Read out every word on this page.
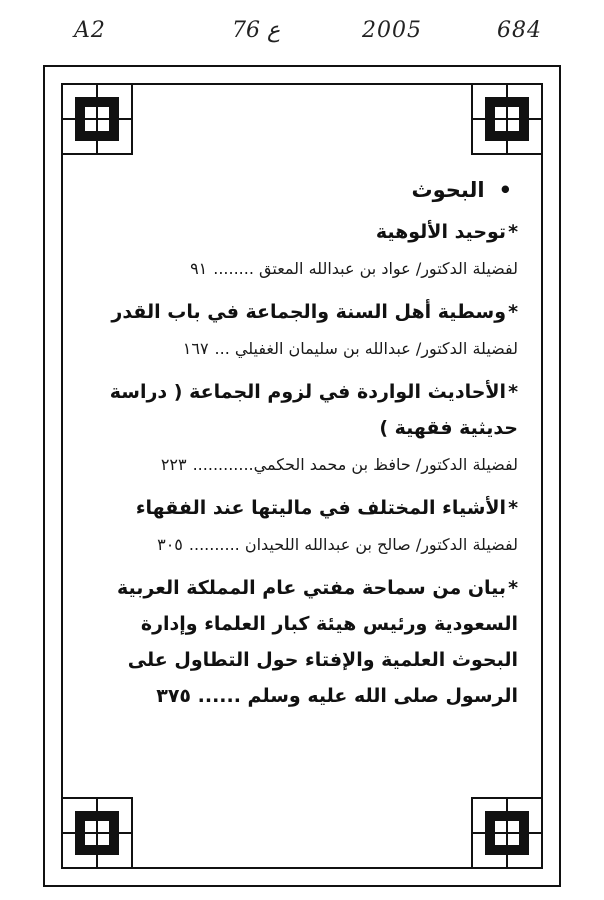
A2	76 ع	2005	684
•البحوث

*توحيد الألوهية

لفضيلة الدكتور/ عواد بن عبدالله المعتق ........٩١

*وسطية أهل السنة والجماعة في باب القدر

لفضيلة الدكتور/ عبدالله بن سليمان الغفيلي ...١٦٧

*الأحاديث الواردة في لزوم الجماعة ( دراسة حديثية فقهية )

لفضيلة الدكتور/ حافظ بن محمد الحكمي............٢٢٣

*الأشياء المختلف في ماليتها عند الفقهاء

لفضيلة الدكتور/ صالح بن عبدالله اللحيدان ..........٣٠٥

*بيان من سماحة مفتي عام المملكة العربية السعودية ورئيس هيئة كبار العلماء وإدارة البحوث العلمية والإفتاء حول التطاول على الرسول صلى الله عليه وسلم ...... ٣٧٥
